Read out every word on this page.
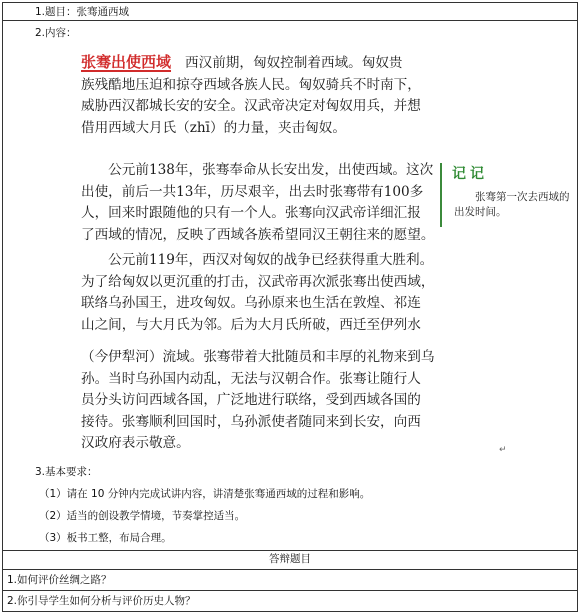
1.题目：张骞通西域
2.内容：
张骞出使西域 西汉前期，匈奴控制着西域。匈奴贵
族残酷地压迫和掠夺西域各族人民。匈奴骑兵不时南下，
威胁西汉都城长安的安全。汉武帝决定对匈奴用兵，并想
借用西域大月氏（zhī）的力量，夹击匈奴。
公元前138年，张骞奉命从长安出发，出使西域。这次
出使，前后一共13年，历尽艰辛，出去时张骞带有100多
人，回来时跟随他的只有一个人。张骞向汉武帝详细汇报
了西域的情况，反映了西域各族希望同汉王朝往来的愿望。
公元前119年，西汉对匈奴的战争已经获得重大胜利。
为了给匈奴以更沉重的打击，汉武帝再次派张骞出使西域，
联络乌孙国王，进攻匈奴。乌孙原来也生活在敦煌、祁连
山之间，与大月氏为邻。后为大月氏所破，西迁至伊列水
（今伊犁河）流域。张骞带着大批随员和丰厚的礼物来到乌
孙。当时乌孙国内动乱，无法与汉朝合作。张骞让随行人
员分头访问西域各国，广泛地进行联络，受到西域各国的
接待。张骞顺利回国时，乌孙派使者随同来到长安，向西
汉政府表示敬意。
记记
张骞第一次去西域的出发时间。
↵
3.基本要求：
（1）请在 10 分钟内完成试讲内容，讲清楚张骞通西域的过程和影响。
（2）适当的创设教学情境，节奏掌控适当。
（3）板书工整，布局合理。
答辩题目
1.如何评价丝绸之路？
2.你引导学生如何分析与评价历史人物？
